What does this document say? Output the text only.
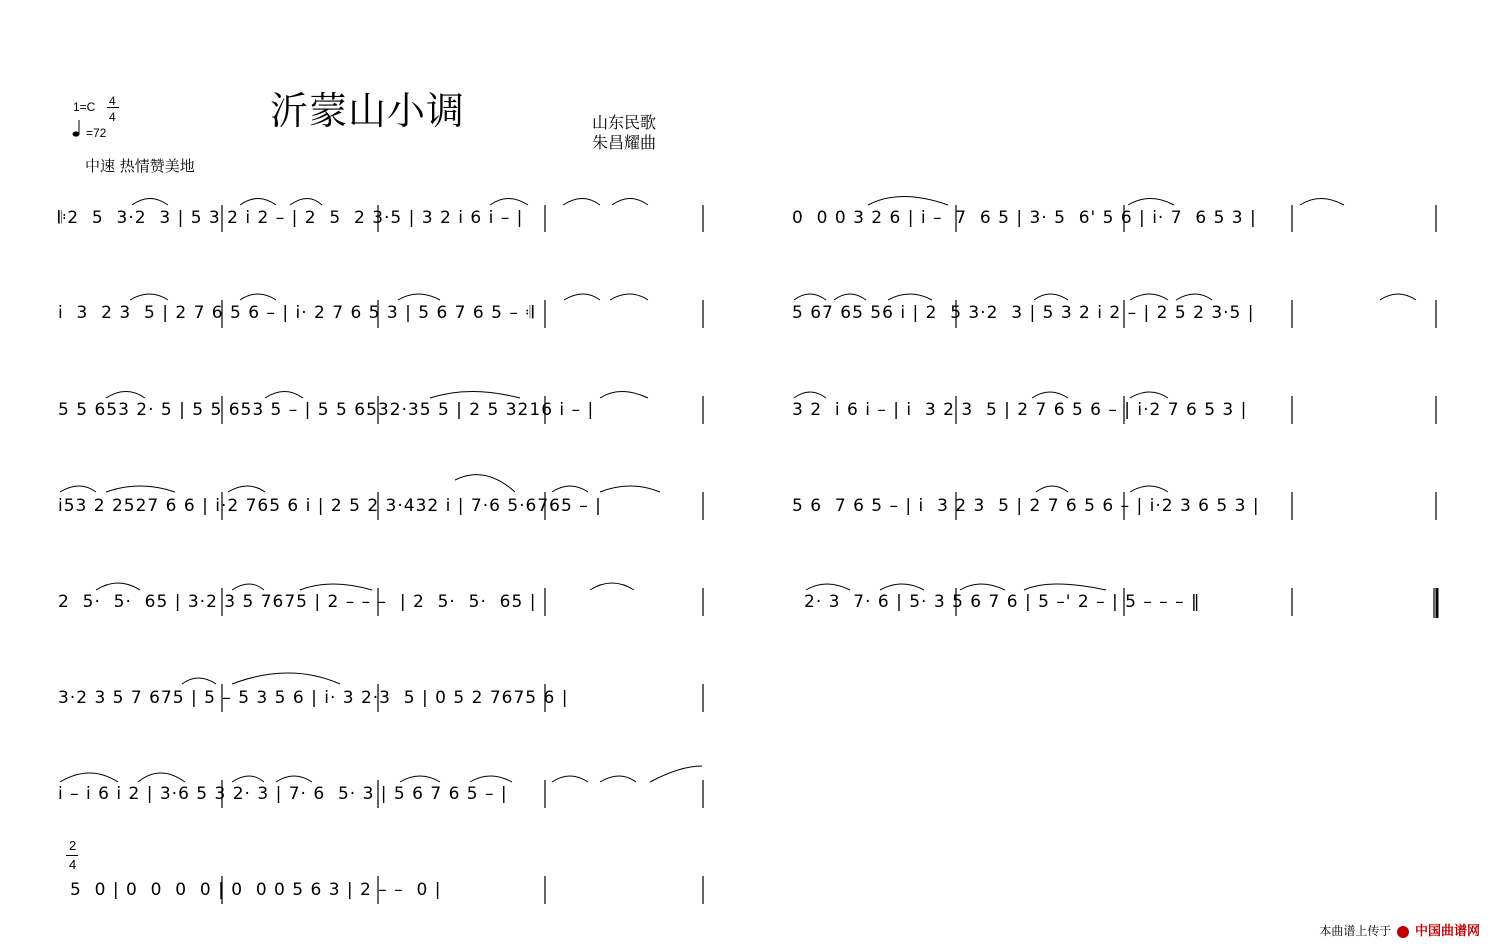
1=C 4
4
=72	沂蒙山小调	山东民歌
朱昌耀曲
中速 热情赞美地
𝄆2  5  3·2  3 | 5 3 2 i 2 – | 2  5  2 3·5 | 3 2 i 6 i – |
i  3  2 3  5 | 2 7 6 5 6 – | i· 2 7 6 5 3 | 5 6 7 6 5 – 𝄇
5 5 653 2· 5 | 5 5 653 5 – | 5 5 6532·35 5 | 2 5 3216 i – |
i53 2 2527 6 6 | i·2 765 6 i | 2 5 2 3·432 i | 7·6 5·6765 – |
2  5·  5·  65 | 3·2 3 5 7675 | 2 – – –  | 2  5·  5·  65 |
3·2 3 5 7 675 | 5 – 5 3 5 6 | i· 3 2·3  5 | 0 5 2 7675 6 |
i – i 6 i 2 | 3·6 5 3 2· 3 | 7· 6  5· 3 | 5 6 7 6 5 – |
2
4
5  0 | 0  0  0  0 | 0  0 0 5 6 3 | 2 – –  0 |
0  0 0 3 2 6 | i –  7  6 5 | 3· 5  6' 5 6 | i· 7  6 5 3 |
5 67 65 56 i | 2  5 3·2  3 | 5 3 2 i 2 – | 2 5 2 3·5 |
3 2  i 6 i – | i  3 2 3  5 | 2 7 6 5 6 – | i·2 7 6 5 3 |
5 6  7 6 5 – | i  3 2 3  5 | 2 7 6 5 6 – | i·2 3 6 5 3 |
2· 3  7· 6 | 5· 3 5 6 7 6 | 5 –' 2 – | 5 – – – ‖
本曲谱上传于 中国曲谱网
